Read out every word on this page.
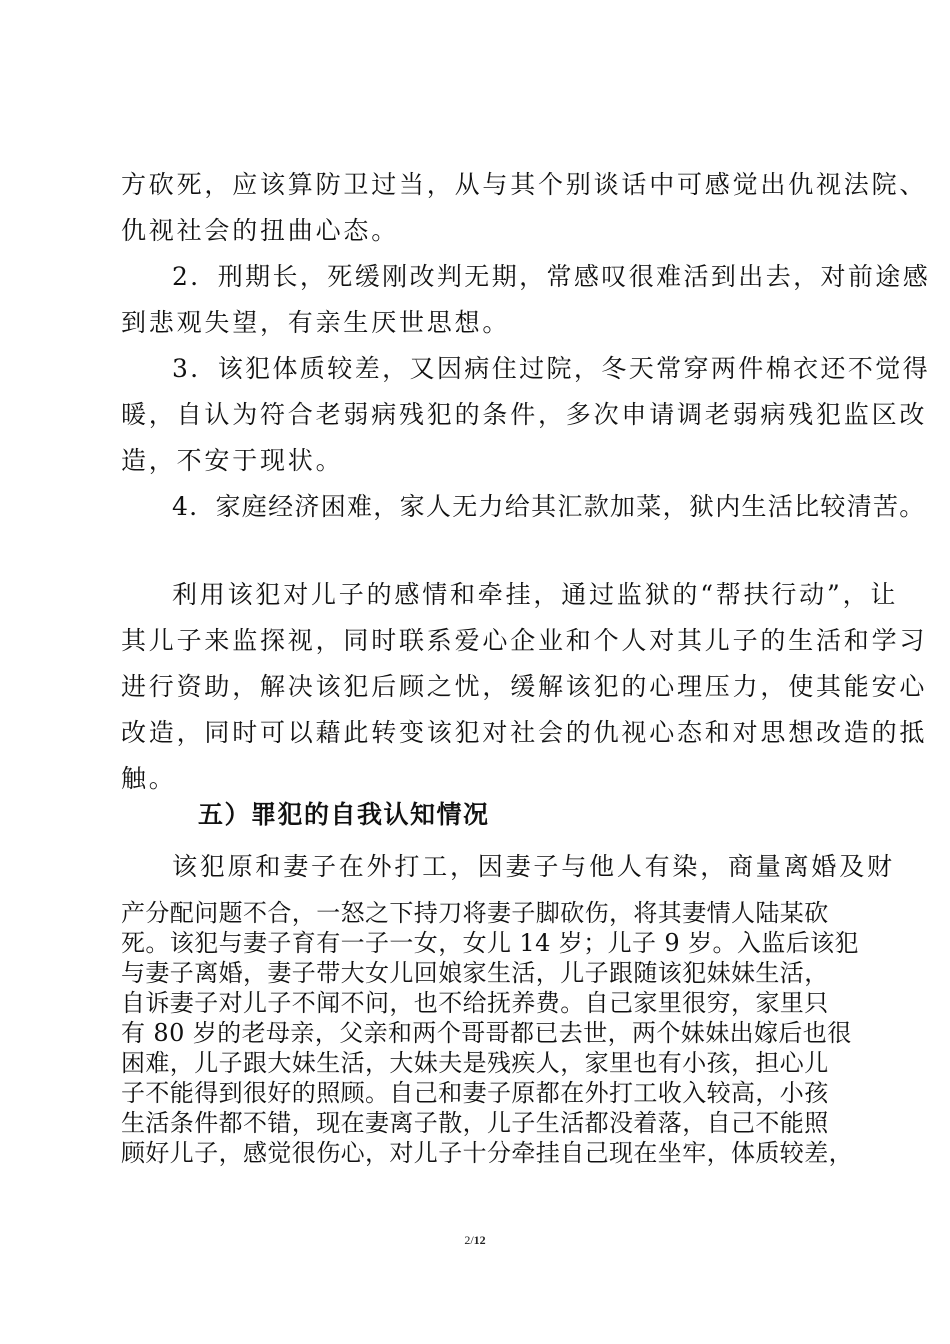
方砍死，应该算防卫过当，从与其个别谈话中可感觉出仇视法院、
仇视社会的扭曲心态。
2．刑期长，死缓刚改判无期，常感叹很难活到出去，对前途感
到悲观失望，有亲生厌世思想。
3．该犯体质较差，又因病住过院，冬天常穿两件棉衣还不觉得
暖，自认为符合老弱病残犯的条件，多次申请调老弱病残犯监区改
造，不安于现状。
4．家庭经济困难，家人无力给其汇款加菜，狱内生活比较清苦。
利用该犯对儿子的感情和牵挂，通过监狱的“帮扶行动”，让
其儿子来监探视，同时联系爱心企业和个人对其儿子的生活和学习
进行资助，解决该犯后顾之忧，缓解该犯的心理压力，使其能安心
改造，同时可以藉此转变该犯对社会的仇视心态和对思想改造的抵
触。
五）罪犯的自我认知情况
该犯原和妻子在外打工，因妻子与他人有染，商量离婚及财
产分配问题不合，一怒之下持刀将妻子脚砍伤，将其妻情人陆某砍
死。该犯与妻子育有一子一女，女儿 14 岁；儿子 9 岁。入监后该犯
与妻子离婚，妻子带大女儿回娘家生活，儿子跟随该犯妹妹生活，
自诉妻子对儿子不闻不问，也不给抚养费。自己家里很穷，家里只
有 80 岁的老母亲，父亲和两个哥哥都已去世，两个妹妹出嫁后也很
困难，儿子跟大妹生活，大妹夫是残疾人，家里也有小孩，担心儿
子不能得到很好的照顾。自己和妻子原都在外打工收入较高，小孩
生活条件都不错，现在妻离子散，儿子生活都没着落，自己不能照
顾好儿子，感觉很伤心，对儿子十分牵挂自己现在坐牢，体质较差，
2/12
